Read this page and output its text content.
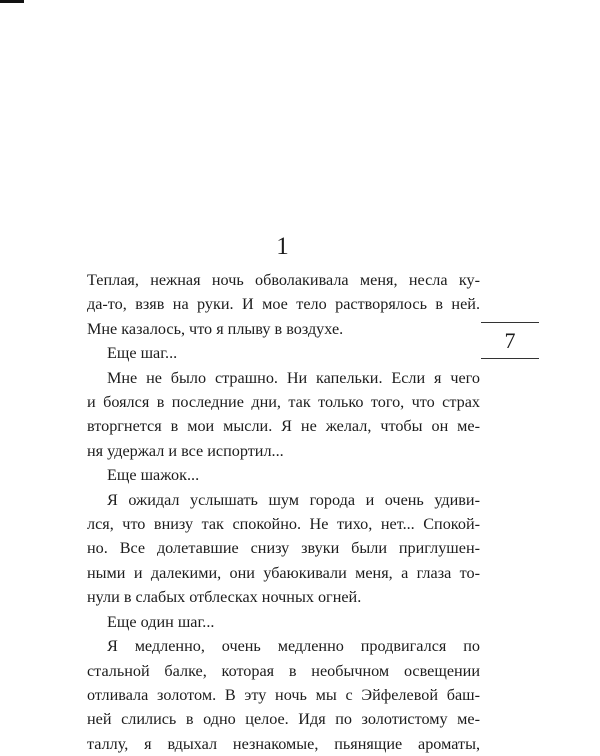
1
Теплая, нежная ночь обволакивала меня, несла ку-
да-то, взяв на руки. И мое тело растворялось в ней.
Мне казалось, что я плыву в воздухе.
Еще шаг...
Мне не было страшно. Ни капельки. Если я чего
и боялся в последние дни, так только того, что страх
вторгнется в мои мысли. Я не желал, чтобы он ме-
ня удержал и все испортил...
Еще шажок...
Я ожидал услышать шум города и очень удиви-
лся, что внизу так спокойно. Не тихо, нет... Спокой-
но. Все долетавшие снизу звуки были приглушен-
ными и далекими, они убаюкивали меня, а глаза то-
нули в слабых отблесках ночных огней.
Еще один шаг...
Я медленно, очень медленно продвигался по
стальной балке, которая в необычном освещении
отливала золотом. В эту ночь мы с Эйфелевой баш-
ней слились в одно целое. Идя по золотистому ме-
таллу, я вдыхал незнакомые, пьянящие ароматы,
7
